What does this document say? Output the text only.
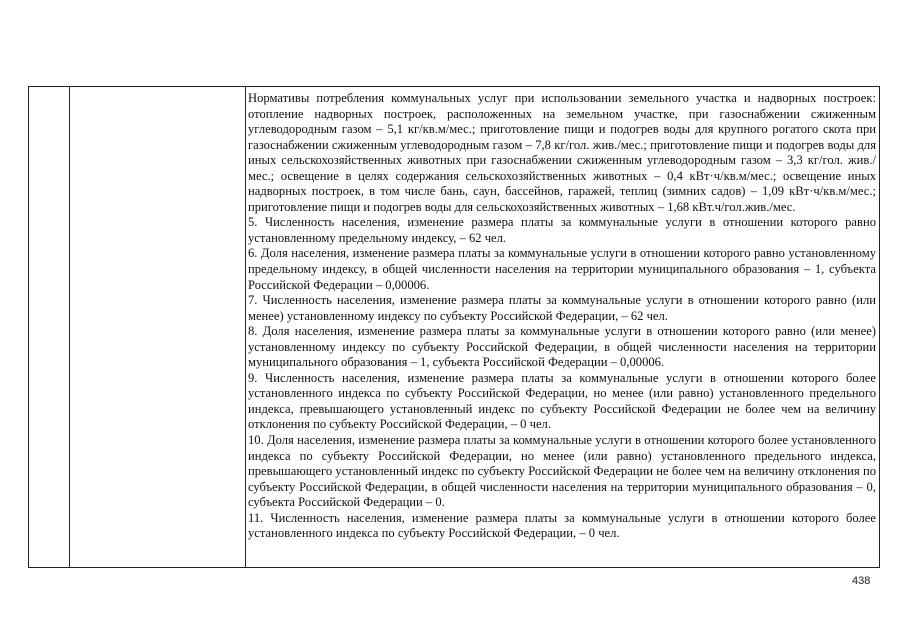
Нормативы потребления коммунальных услуг при использовании земельного участка и надворных построек: отопление надворных построек, расположенных на земельном участке, при газоснабжении сжиженным углеводородным газом – 5,1 кг/кв.м/мес.; приготовление пищи и подогрев воды для крупного рогатого скота при газоснабжении сжиженным углеводородным газом – 7,8 кг/гол. жив./мес.; приготовление пищи и подогрев воды для иных сельскохозяйственных животных при газоснабжении сжиженным углеводородным газом – 3,3 кг/гол. жив./мес.; освещение в целях содержания сельскохозяйственных животных – 0,4 кВт·ч/кв.м/мес.; освещение иных надворных построек, в том числе бань, саун, бассейнов, гаражей, теплиц (зимних садов) – 1,09 кВт·ч/кв.м/мес.; приготовление пищи и подогрев воды для сельскохозяйственных животных – 1,68 кВт.ч/гол.жив./мес.

5. Численность населения, изменение размера платы за коммунальные услуги в отношении которого равно установленному предельному индексу, – 62 чел.

6. Доля населения, изменение размера платы за коммунальные услуги в отношении которого равно установленному предельному индексу, в общей численности населения на территории муниципального образования – 1, субъекта Российской Федерации – 0,00006.

7. Численность населения, изменение размера платы за коммунальные услуги в отношении которого равно (или менее) установленному индексу по субъекту Российской Федерации, – 62 чел.

8. Доля населения, изменение размера платы за коммунальные услуги в отношении которого равно (или менее) установленному индексу по субъекту Российской Федерации, в общей численности населения на территории муниципального образования – 1, субъекта Российской Федерации – 0,00006.

9. Численность населения, изменение размера платы за коммунальные услуги в отношении которого более установленного индекса по субъекту Российской Федерации, но менее (или равно) установленного предельного индекса, превышающего установленный индекс по субъекту Российской Федерации не более чем на величину отклонения по субъекту Российской Федерации, – 0 чел.

10. Доля населения, изменение размера платы за коммунальные услуги в отношении которого более установленного индекса по субъекту Российской Федерации, но менее (или равно) установленного предельного индекса, превышающего установленный индекс по субъекту Российской Федерации не более чем на величину отклонения по субъекту Российской Федерации, в общей численности населения на территории муниципального образования – 0, субъекта Российской Федерации – 0.

11. Численность населения, изменение размера платы за коммунальные услуги в отношении которого более установленного индекса по субъекту Российской Федерации, – 0 чел.

438
